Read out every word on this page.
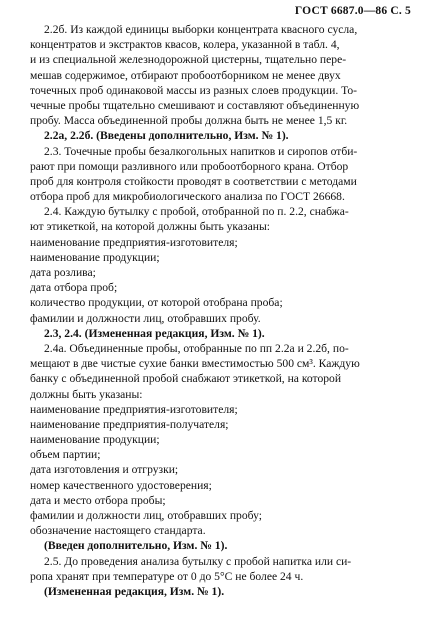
ГОСТ 6687.0—86 С. 5
2.2б. Из каждой единицы выборки концентрата квасного сусла,
концентратов и экстрактов квасов, колера, указанной в табл. 4,
и из специальной железнодорожной цистерны, тщательно пере-
мешав содержимое, отбирают пробоотборником не менее двух
точечных проб одинаковой массы из разных слоев продукции. То-
чечные пробы тщательно смешивают и составляют объединенную
пробу. Масса объединенной пробы должна быть не менее 1,5 кг.
2.2а, 2.2б. (Введены дополнительно, Изм. № 1).
2.3. Точечные пробы безалкогольных напитков и сиропов отби-
рают при помощи разливного или пробоотборного крана. Отбор
проб для контроля стойкости проводят в соответствии с методами
отбора проб для микробиологического анализа по ГОСТ 26668.
2.4. Каждую бутылку с пробой, отобранной по п. 2.2, снабжа-
ют этикеткой, на которой должны быть указаны:
наименование предприятия-изготовителя;
наименование продукции;
дата розлива;
дата отбора проб;
количество продукции, от которой отобрана проба;
фамилии и должности лиц, отобравших пробу.
2.3, 2.4. (Измененная редакция, Изм. № 1).
2.4а. Объединенные пробы, отобранные по пп 2.2а и 2.2б, по-
мещают в две чистые сухие банки вместимостью 500 см³. Каждую
банку с объединенной пробой снабжают этикеткой, на которой
должны быть указаны:
наименование предприятия-изготовителя;
наименование предприятия-получателя;
наименование продукции;
объем партии;
дата изготовления и отгрузки;
номер качественного удостоверения;
дата и место отбора пробы;
фамилии и должности лиц, отобравших пробу;
обозначение настоящего стандарта.
(Введен дополнительно, Изм. № 1).
2.5. До проведения анализа бутылку с пробой напитка или си-
ропа хранят при температуре от 0 до 5°С не более 24 ч.
(Измененная редакция, Изм. № 1).
